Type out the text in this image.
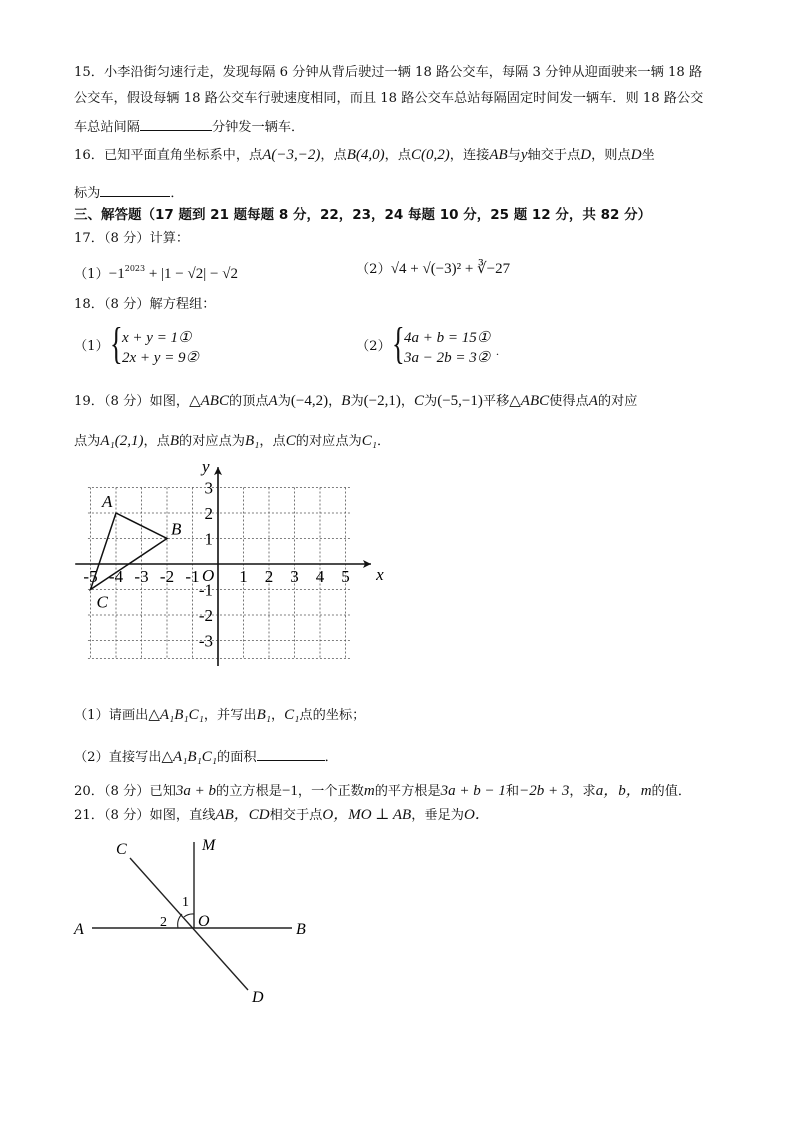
15．小李沿街匀速行走，发现每隔 6 分钟从背后驶过一辆 18 路公交车，每隔 3 分钟从迎面驶来一辆 18 路
公交车，假设每辆 18 路公交车行驶速度相同，而且 18 路公交车总站每隔固定时间发一辆车．则 18 路公交
车总站间隔	分钟发一辆车．
16．已知平面直角坐标系中，点A(−3,−2)，点B(4,0)，点C(0,2)，连接AB与y轴交于点D，则点D坐
标为	．
三、解答题（17 题到 21 题每题 8 分，22，23，24 每题 10 分，25 题 12 分，共 82 分）
17．（8 分）计算：
$(1)-1^{2023} + |1 - √2| - √2$	（2）√4 + √(−3)² + ∛−27
18．（8 分）解方程组：
（1） { x + y = 1①
2x + y = 9②
（2） { 4a + b = 15①
3a − 2b = 3② .
19．（8 分）如图，△ABC的顶点A为(−4,2)，B为(−2,1)，C为(−5,−1)平移△ABC使得点A的对应
点为A₁(2,1)，点B的对应点为B₁，点C的对应点为C₁．
x
y
O
-5 -4 -3 -2 -1 1 2 3 4 5
3
2
1
-1
-2
-3
A
B
C
（1）请画出△A₁B₁C₁，并写出B₁，C₁点的坐标；
（2）直接写出△A₁B₁C₁的面积	．
20．（8 分）已知3a + b的立方根是−1，一个正数m的平方根是3a + b − 1和−2b + 3，求a，b，m的值．
21．（8 分）如图，直线AB，CD相交于点O，MO ⊥ AB，垂足为O．
C	M
A	B
O
D
1
2
